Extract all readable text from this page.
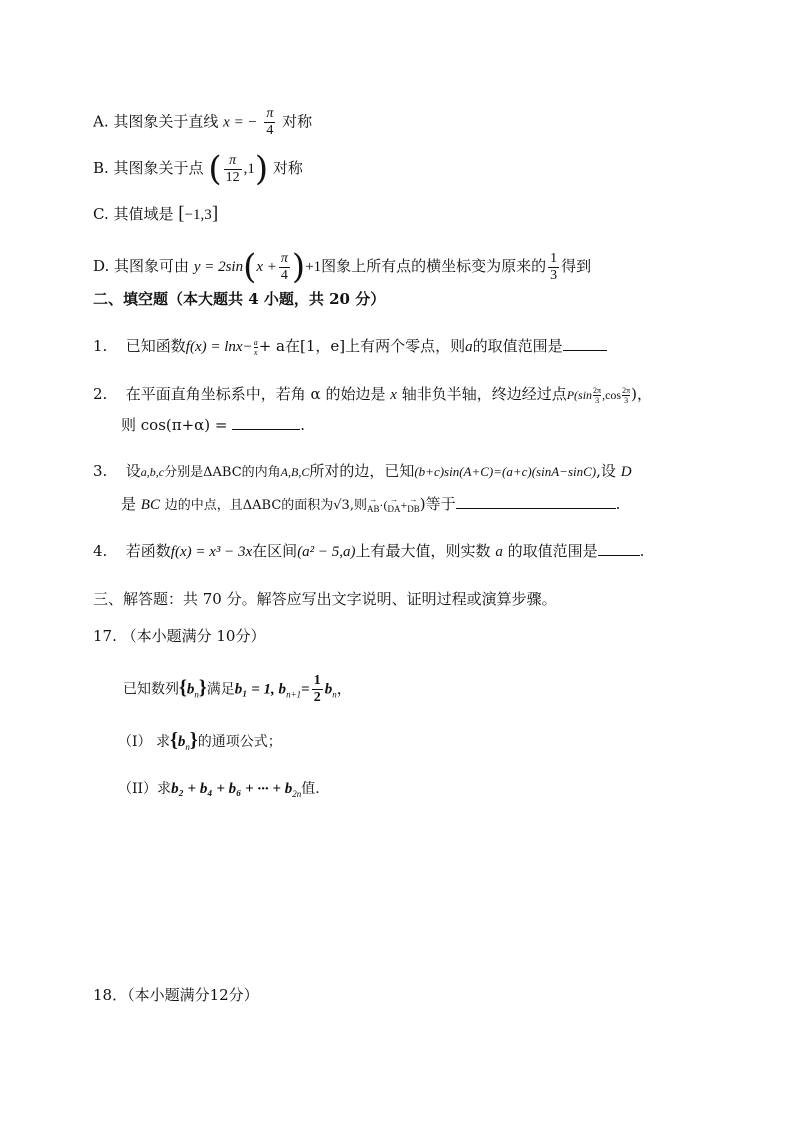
A. 其图象关于直线 x = − $\frac{\pi}{4}$ 对称
B. 其图象关于点 ( $\frac{\pi}{12} ,1$) 对称
C. 其值域是 [−1,3]
D. 其图象可由 $y = 2\sin(x + \frac{\pi}{4} )+1$图象上所有点的横坐标变为原来的 $\frac{1}{3}$ 得到
二、填空题（本大题共 4 小题，共 20 分）
1. 已知函数$f(x) = \ln x- \frac{a}{x} + a$在[1，e]上有两个零点，则a的取值范围是
2. 在平面直角坐标系中，若角 α 的始边是 x 轴非负半轴，终边经过点$P(\sin \frac{2\pi}{3} ,\cos \frac{2\pi}{3}$ )，
则 cos(π+α) =	.
3. 设a,b,c分别是ΔABC的内角A,B,C所对的边，已知(b+c)sin(A+C)=(a+c)(sinA−sinC),设 D
是 BC 边的中点，且ΔABC的面积为√3,则→ AB·(→ DA+→ DB)等于	.
4. 若函数f(x) = x³ − 3x在区间(a² − 5,a)上有最大值，则实数 a 的取值范围是	.
三、解答题：共 70 分。解答应写出文字说明、证明过程或演算步骤。
17. （本小题满分 10分）
已知数列$\{b_n\}$满足b₁ = 1, $b_{n+1}= \frac{1}{2} b_n$，
（I） 求$\{b_n\}$的通项公式；
（II）求b₂ + b₄ + b₆ + ··· + $b_{2n}$值.
18．（本小题满分12分）
